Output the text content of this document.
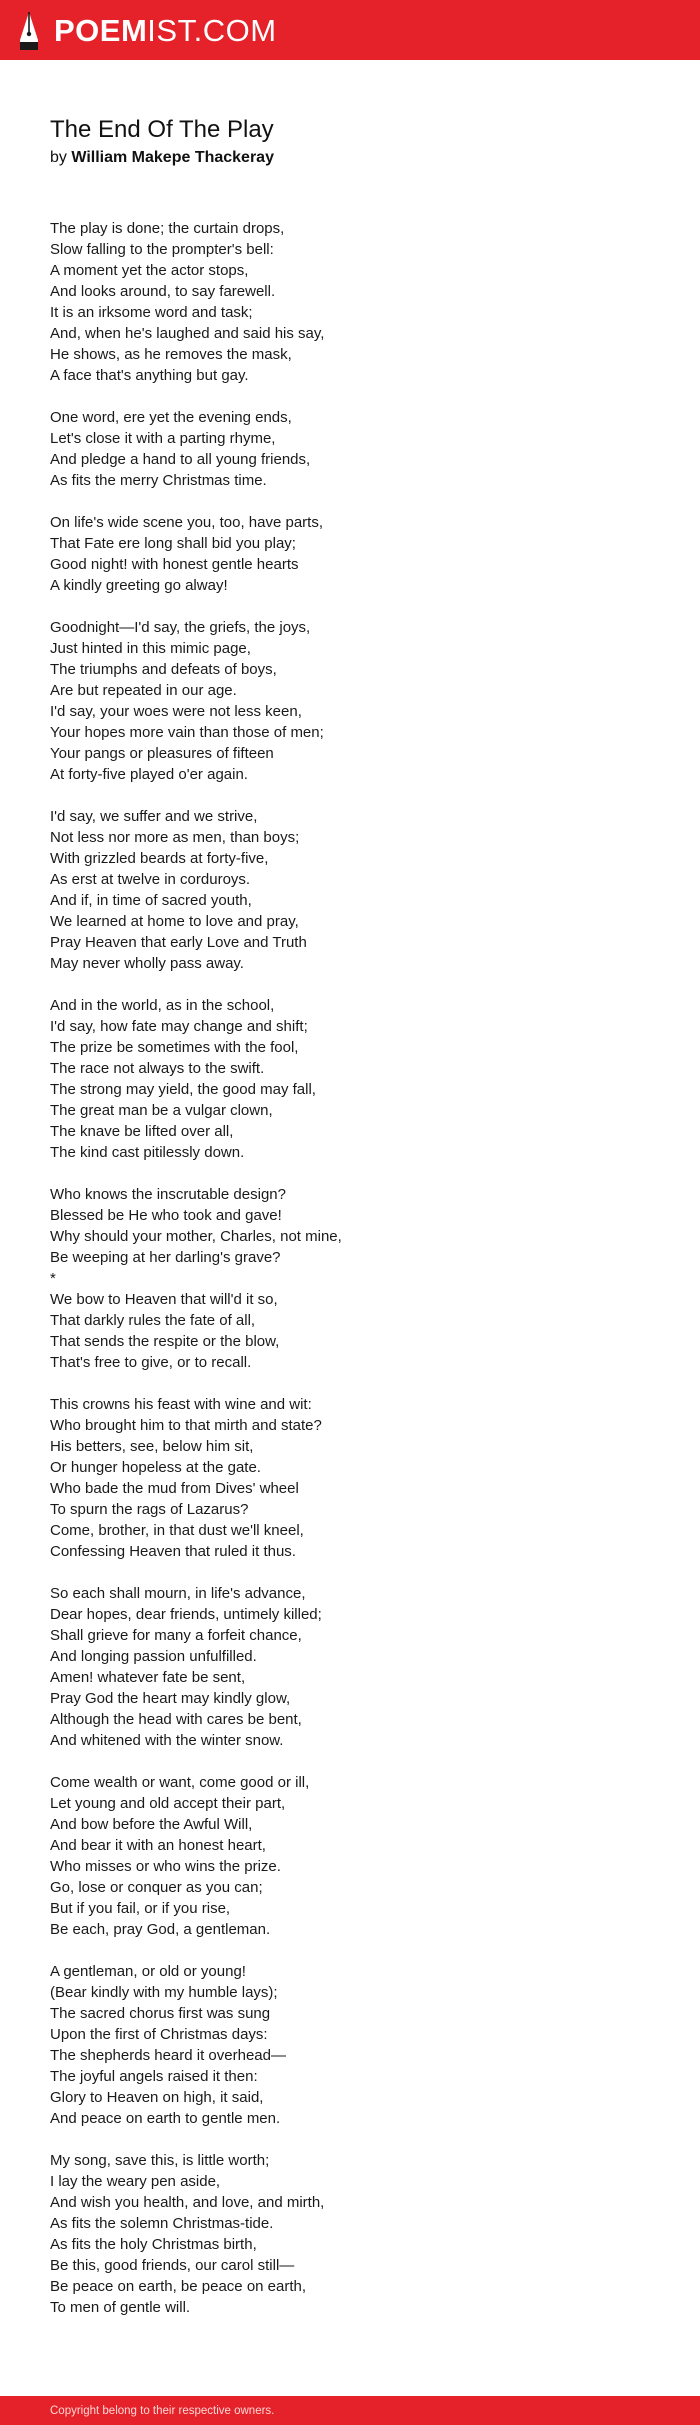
POEMIST.COM
The End Of The Play
by William Makepe Thackeray
The play is done; the curtain drops,
Slow falling to the prompter's bell:
A moment yet the actor stops,
And looks around, to say farewell.
It is an irksome word and task;
And, when he's laughed and said his say,
He shows, as he removes the mask,
A face that's anything but gay.
One word, ere yet the evening ends,
Let's close it with a parting rhyme,
And pledge a hand to all young friends,
As fits the merry Christmas time.
On life's wide scene you, too, have parts,
That Fate ere long shall bid you play;
Good night! with honest gentle hearts
A kindly greeting go alway!
Goodnight—I'd say, the griefs, the joys,
Just hinted in this mimic page,
The triumphs and defeats of boys,
Are but repeated in our age.
I'd say, your woes were not less keen,
Your hopes more vain than those of men;
Your pangs or pleasures of fifteen
At forty-five played o'er again.
I'd say, we suffer and we strive,
Not less nor more as men, than boys;
With grizzled beards at forty-five,
As erst at twelve in corduroys.
And if, in time of sacred youth,
We learned at home to love and pray,
Pray Heaven that early Love and Truth
May never wholly pass away.
And in the world, as in the school,
I'd say, how fate may change and shift;
The prize be sometimes with the fool,
The race not always to the swift.
The strong may yield, the good may fall,
The great man be a vulgar clown,
The knave be lifted over all,
The kind cast pitilessly down.
Who knows the inscrutable design?
Blessed be He who took and gave!
Why should your mother, Charles, not mine,
Be weeping at her darling's grave?
*
We bow to Heaven that will'd it so,
That darkly rules the fate of all,
That sends the respite or the blow,
That's free to give, or to recall.
This crowns his feast with wine and wit:
Who brought him to that mirth and state?
His betters, see, below him sit,
Or hunger hopeless at the gate.
Who bade the mud from Dives' wheel
To spurn the rags of Lazarus?
Come, brother, in that dust we'll kneel,
Confessing Heaven that ruled it thus.
So each shall mourn, in life's advance,
Dear hopes, dear friends, untimely killed;
Shall grieve for many a forfeit chance,
And longing passion unfulfilled.
Amen! whatever fate be sent,
Pray God the heart may kindly glow,
Although the head with cares be bent,
And whitened with the winter snow.
Come wealth or want, come good or ill,
Let young and old accept their part,
And bow before the Awful Will,
And bear it with an honest heart,
Who misses or who wins the prize.
Go, lose or conquer as you can;
But if you fail, or if you rise,
Be each, pray God, a gentleman.
A gentleman, or old or young!
(Bear kindly with my humble lays);
The sacred chorus first was sung
Upon the first of Christmas days:
The shepherds heard it overhead—
The joyful angels raised it then:
Glory to Heaven on high, it said,
And peace on earth to gentle men.
My song, save this, is little worth;
I lay the weary pen aside,
And wish you health, and love, and mirth,
As fits the solemn Christmas-tide.
As fits the holy Christmas birth,
Be this, good friends, our carol still—
Be peace on earth, be peace on earth,
To men of gentle will.
Copyright belong to their respective owners.
